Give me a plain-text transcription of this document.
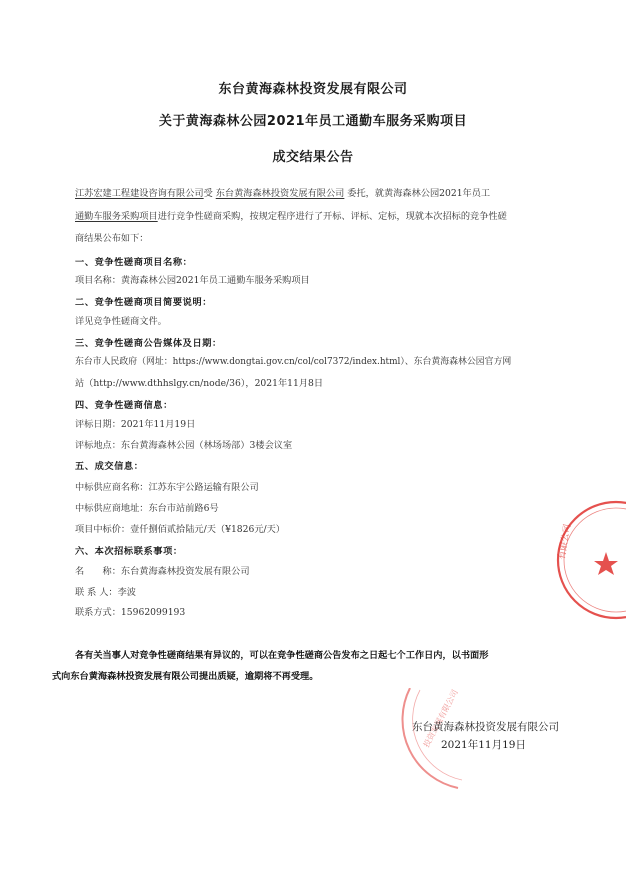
有限公司
投资发展有限公司
东台黄海森林投资发展有限公司
关于黄海森林公园2021年员工通勤车服务采购项目
成交结果公告
江苏宏建工程建设咨询有限公司受 东台黄海森林投资发展有限公司 委托，就黄海森林公园2021年员工
通勤车服务采购项目进行竞争性磋商采购，按规定程序进行了开标、评标、定标，现就本次招标的竞争性磋
商结果公布如下：
一、竞争性磋商项目名称：
项目名称：黄海森林公园2021年员工通勤车服务采购项目
二、竞争性磋商项目简要说明：
详见竞争性磋商文件。
三、竞争性磋商公告媒体及日期：
东台市人民政府（网址：https://www.dongtai.gov.cn/col/col7372/index.html）、东台黄海森林公园官方网
站（http://www.dthhslgy.cn/node/36），2021年11月8日
四、竞争性磋商信息：
评标日期：2021年11月19日
评标地点：东台黄海森林公园（林场场部）3楼会议室
五、成交信息：
中标供应商名称：江苏东宇公路运输有限公司
中标供应商地址：东台市站前路6号
项目中标价：壹仟捌佰贰拾陆元/天（¥1826元/天）
六、本次招标联系事项：
名　　称：东台黄海森林投资发展有限公司
联 系 人：李波
联系方式：15962099193
各有关当事人对竞争性磋商结果有异议的，可以在竞争性磋商公告发布之日起七个工作日内，以书面形
式向东台黄海森林投资发展有限公司提出质疑，逾期将不再受理。
东台黄海森林投资发展有限公司
2021年11月19日
